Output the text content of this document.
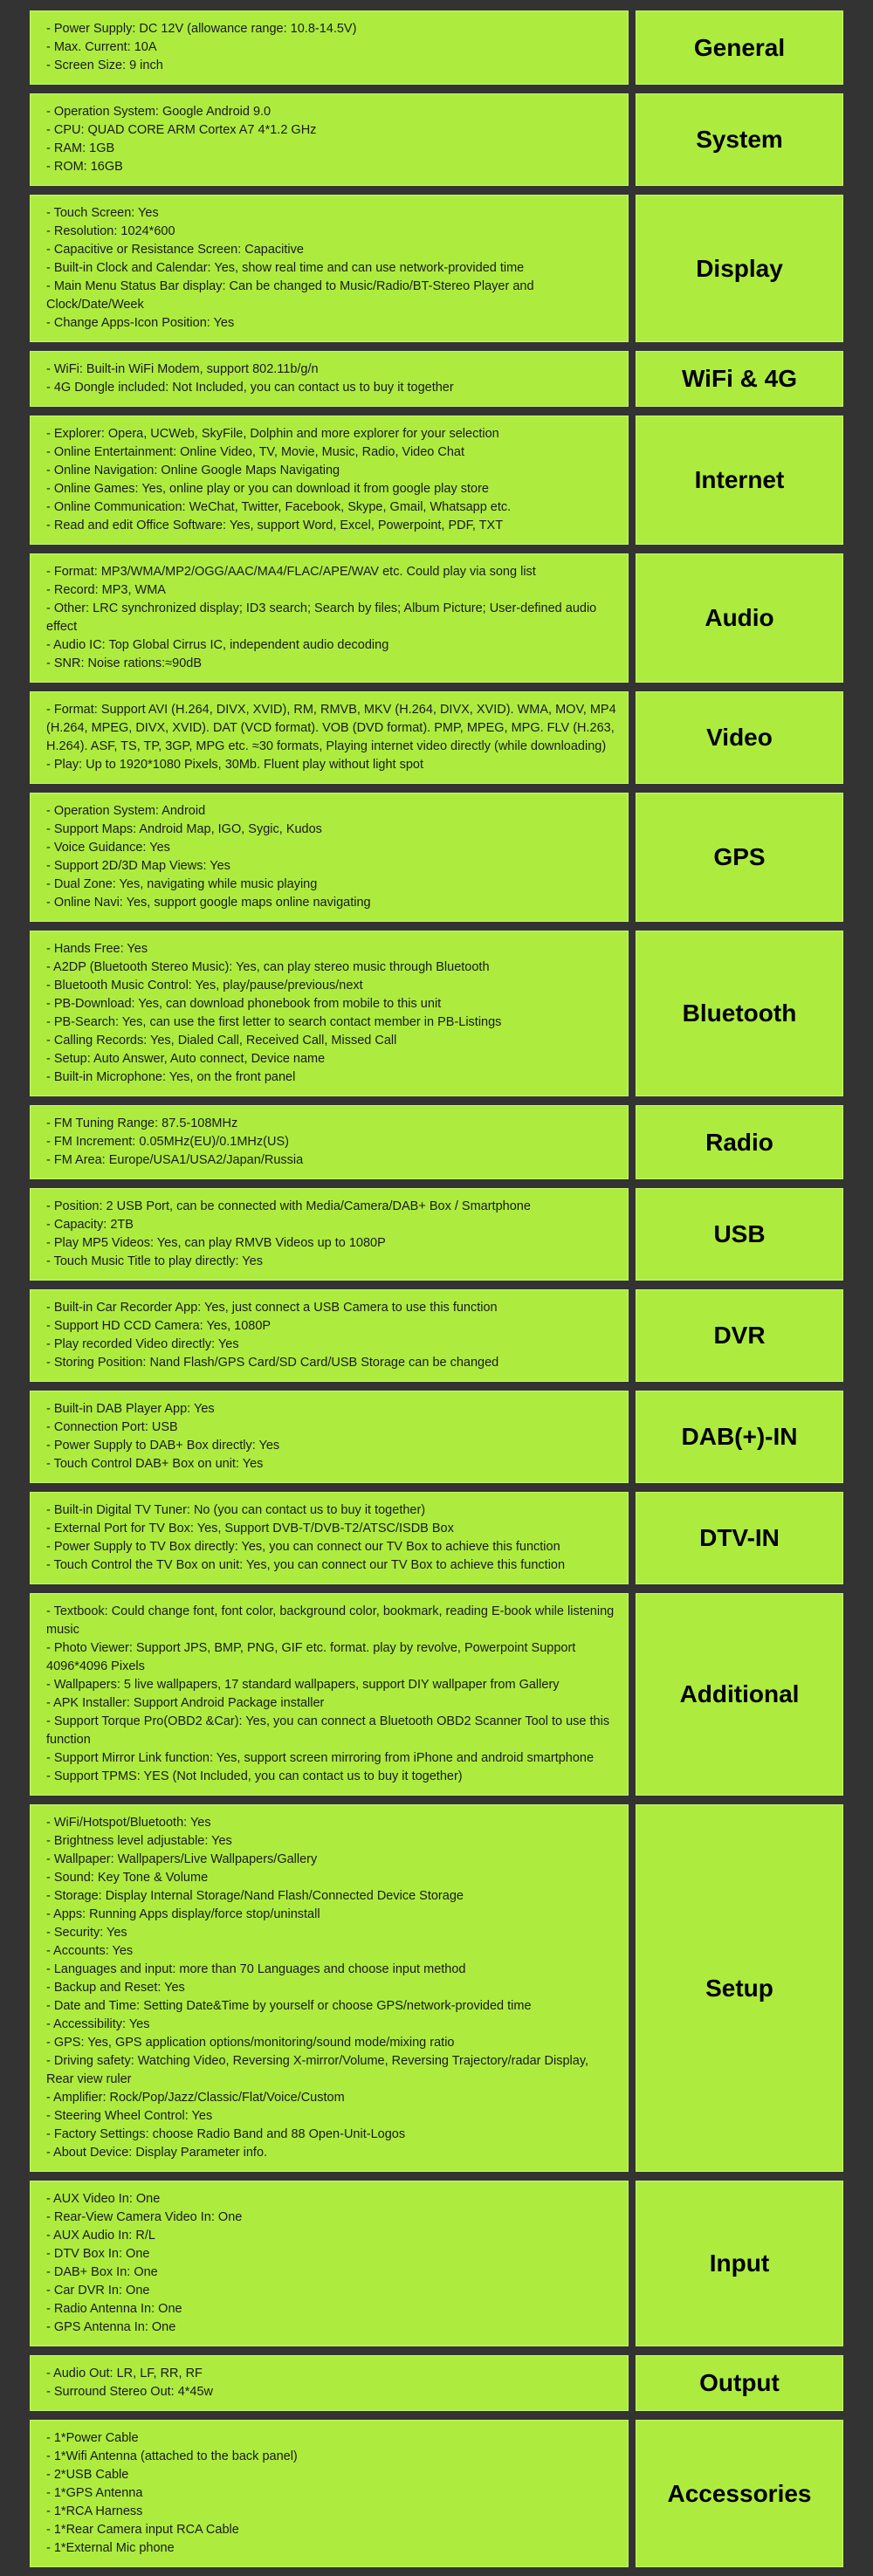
- Power Supply: DC 12V (allowance range: 10.8-14.5V)
- Max. Current: 10A
- Screen Size: 9 inch
General
- Operation System: Google Android 9.0
- CPU: QUAD CORE ARM Cortex A7 4*1.2 GHz
- RAM: 1GB
- ROM: 16GB
System
- Touch Screen: Yes
- Resolution: 1024*600
- Capacitive or Resistance Screen: Capacitive
- Built-in Clock and Calendar: Yes, show real time and can use network-provided time
- Main Menu Status Bar display: Can be changed to Music/Radio/BT-Stereo Player and Clock/Date/Week
- Change Apps-Icon Position: Yes
Display
- WiFi: Built-in WiFi Modem, support 802.11b/g/n
- 4G Dongle included: Not Included, you can contact us to buy it together	WiFi & 4G
- Explorer: Opera, UCWeb, SkyFile, Dolphin and more explorer for your selection
- Online Entertainment: Online Video, TV, Movie, Music, Radio, Video Chat
- Online Navigation: Online Google Maps Navigating
- Online Games: Yes, online play or you can download it from google play store
- Online Communication: WeChat, Twitter, Facebook, Skype, Gmail, Whatsapp etc.
- Read and edit Office Software: Yes, support Word, Excel, Powerpoint, PDF, TXT
Internet
- Format: MP3/WMA/MP2/OGG/AAC/MA4/FLAC/APE/WAV etc. Could play via song list
- Record: MP3, WMA
- Other: LRC synchronized display; ID3 search; Search by files; Album Picture; User-defined audio effect
- Audio IC: Top Global Cirrus IC, independent audio decoding
- SNR: Noise rations:≈90dB
Audio
- Format: Support AVI (H.264, DIVX, XVID), RM, RMVB, MKV (H.264, DIVX, XVID). WMA, MOV, MP4 (H.264, MPEG, DIVX, XVID). DAT (VCD format). VOB (DVD format). PMP, MPEG, MPG. FLV (H.263, H.264). ASF, TS, TP, 3GP, MPG etc. ≈30 formats, Playing internet video directly (while downloading)
- Play: Up to 1920*1080 Pixels, 30Mb. Fluent play without light spot
Video
- Operation System: Android
- Support Maps: Android Map, IGO, Sygic, Kudos
- Voice Guidance: Yes
- Support 2D/3D Map Views: Yes
- Dual Zone: Yes, navigating while music playing
- Online Navi: Yes, support google maps online navigating
GPS
- Hands Free: Yes
- A2DP (Bluetooth Stereo Music): Yes, can play stereo music through Bluetooth
- Bluetooth Music Control: Yes, play/pause/previous/next
- PB-Download: Yes, can download phonebook from mobile to this unit
- PB-Search: Yes, can use the first letter to search contact member in PB-Listings
- Calling Records: Yes, Dialed Call, Received Call, Missed Call
- Setup: Auto Answer, Auto connect, Device name
- Built-in Microphone: Yes, on the front panel
Bluetooth
- FM Tuning Range: 87.5-108MHz
- FM Increment: 0.05MHz(EU)/0.1MHz(US)
- FM Area: Europe/USA1/USA2/Japan/Russia
Radio
- Position: 2 USB Port, can be connected with Media/Camera/DAB+ Box / Smartphone
- Capacity: 2TB
- Play MP5 Videos: Yes, can play RMVB Videos up to 1080P
- Touch Music Title to play directly: Yes
USB
- Built-in Car Recorder App: Yes, just connect a USB Camera to use this function
- Support HD CCD Camera: Yes, 1080P
- Play recorded Video directly: Yes
- Storing Position: Nand Flash/GPS Card/SD Card/USB Storage can be changed
DVR
- Built-in DAB Player App: Yes
- Connection Port: USB
- Power Supply to DAB+ Box directly: Yes
- Touch Control DAB+ Box on unit: Yes
DAB(+)-IN
- Built-in Digital TV Tuner: No (you can contact us to buy it together)
- External Port for TV Box: Yes, Support DVB-T/DVB-T2/ATSC/ISDB Box
- Power Supply to TV Box directly: Yes, you can connect our TV Box to achieve this function
- Touch Control the TV Box on unit: Yes, you can connect our TV Box to achieve this function
DTV-IN
- Textbook: Could change font, font color, background color, bookmark, reading E-book while listening music
- Photo Viewer: Support JPS, BMP, PNG, GIF etc. format. play by revolve, Powerpoint Support 4096*4096 Pixels
- Wallpapers: 5 live wallpapers, 17 standard wallpapers, support DIY wallpaper from Gallery
- APK Installer: Support Android Package installer
- Support Torque Pro(OBD2 &Car): Yes, you can connect a Bluetooth OBD2 Scanner Tool to use this function
- Support Mirror Link function: Yes, support screen mirroring from iPhone and android smartphone
- Support TPMS: YES (Not Included, you can contact us to buy it together)
Additional
- WiFi/Hotspot/Bluetooth: Yes
- Brightness level adjustable: Yes
- Wallpaper: Wallpapers/Live Wallpapers/Gallery
- Sound: Key Tone & Volume
- Storage: Display Internal Storage/Nand Flash/Connected Device Storage
- Apps: Running Apps display/force stop/uninstall
- Security: Yes
- Accounts: Yes
- Languages and input: more than 70 Languages and choose input method
- Backup and Reset: Yes
- Date and Time: Setting Date&Time by yourself or choose GPS/network-provided time
- Accessibility: Yes
- GPS: Yes, GPS application options/monitoring/sound mode/mixing ratio
- Driving safety: Watching Video, Reversing X-mirror/Volume, Reversing Trajectory/radar Display, Rear view ruler
- Amplifier: Rock/Pop/Jazz/Classic/Flat/Voice/Custom
- Steering Wheel Control: Yes
- Factory Settings: choose Radio Band and 88 Open-Unit-Logos
- About Device: Display Parameter info.
Setup
- AUX Video In: One
- Rear-View Camera Video In: One
- AUX Audio In: R/L
- DTV Box In: One
- DAB+ Box In: One
- Car DVR In: One
- Radio Antenna In: One
- GPS Antenna In: One
Input
- Audio Out: LR, LF, RR, RF
- Surround Stereo Out: 4*45w	Output
- 1*Power Cable
- 1*Wifi Antenna (attached to the back panel)
- 2*USB Cable
- 1*GPS Antenna
- 1*RCA Harness
- 1*Rear Camera input RCA Cable
- 1*External Mic phone
Accessories
